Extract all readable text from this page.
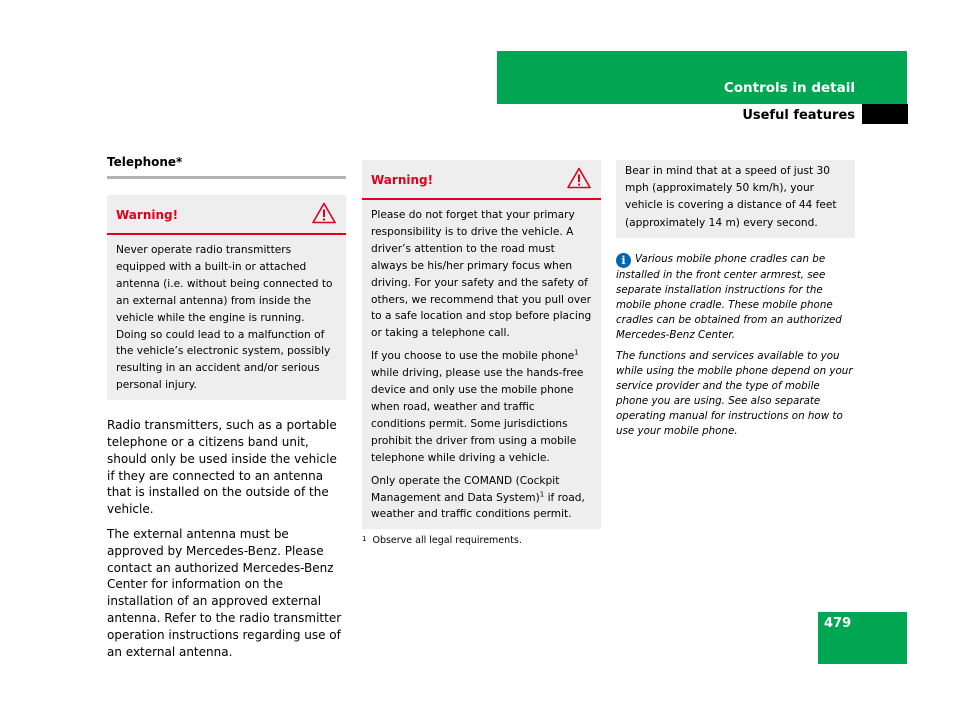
Controls in detail
Useful features
Telephone*
Warning!

Never operate radio transmitters equipped with a built-in or attached antenna (i.e. without being connected to an external antenna) from inside the vehicle while the engine is running. Doing so could lead to a malfunction of the vehicle’s electronic system, possibly resulting in an accident and/or serious personal injury.

Radio transmitters, such as a portable telephone or a citizens band unit, should only be used inside the vehicle if they are connected to an antenna that is installed on the outside of the vehicle.

The external antenna must be approved by Mercedes-Benz. Please contact an authorized Mercedes-Benz Center for information on the installation of an approved external antenna. Refer to the radio transmitter operation instructions regarding use of an external antenna.

Warning!

Please do not forget that your primary responsibility is to drive the vehicle. A driver’s attention to the road must always be his/her primary focus when driving. For your safety and the safety of others, we recommend that you pull over to a safe location and stop before placing or taking a telephone call.

If you choose to use the mobile phone$^1$ while driving, please use the hands-free device and only use the mobile phone when road, weather and traffic conditions permit. Some jurisdictions prohibit the driver from using a mobile telephone while driving a vehicle.

Only operate the COMAND (Cockpit Management and Data System)$^1$ if road, weather and traffic conditions permit.

1 Observe all legal requirements.
Bear in mind that at a speed of just 30 mph (approximately 50 km/h), your vehicle is covering a distance of 44 feet (approximately 14 m) every second.

i Various mobile phone cradles can be installed in the front center armrest, see separate installation instructions for the mobile phone cradle. These mobile phone cradles can be obtained from an authorized Mercedes-Benz Center.

The functions and services available to you while using the mobile phone depend on your service provider and the type of mobile phone you are using. See also separate operating manual for instructions on how to use your mobile phone.

479
